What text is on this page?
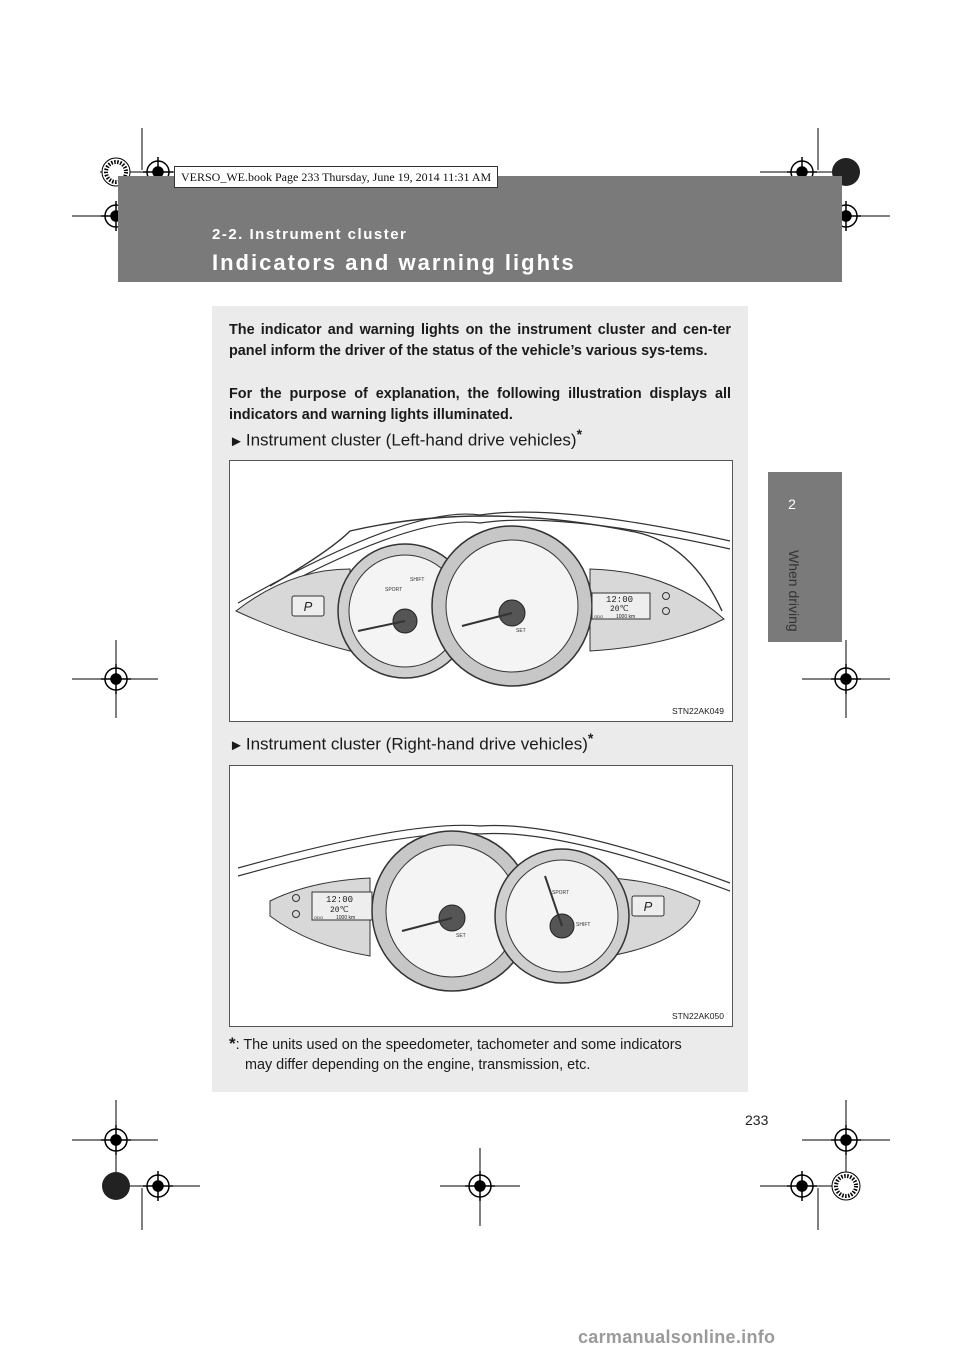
2-2. Instrument cluster
Indicators and warning lights
VERSO_WE.book Page 233 Thursday, June 19, 2014 11:31 AM
2
When driving
The indicator and warning lights on the instrument cluster and cen-ter panel inform the driver of the status of the vehicle’s various sys-tems.
For the purpose of explanation, the following illustration displays all indicators and warning lights illuminated.
► Instrument cluster (Left-hand drive vehicles)*
P
SPORT
SHIFT
SET
12:00
20℃
ODO	1000 km
STN22AK049
► Instrument cluster (Right-hand drive vehicles)*
P
12:00
20℃
ODO	1000 km
SET
SPORT
SHIFT
STN22AK050
*: The units used on the speedometer, tachometer and some indicators
may differ depending on the engine, transmission, etc.
233
carmanualsonline.info
